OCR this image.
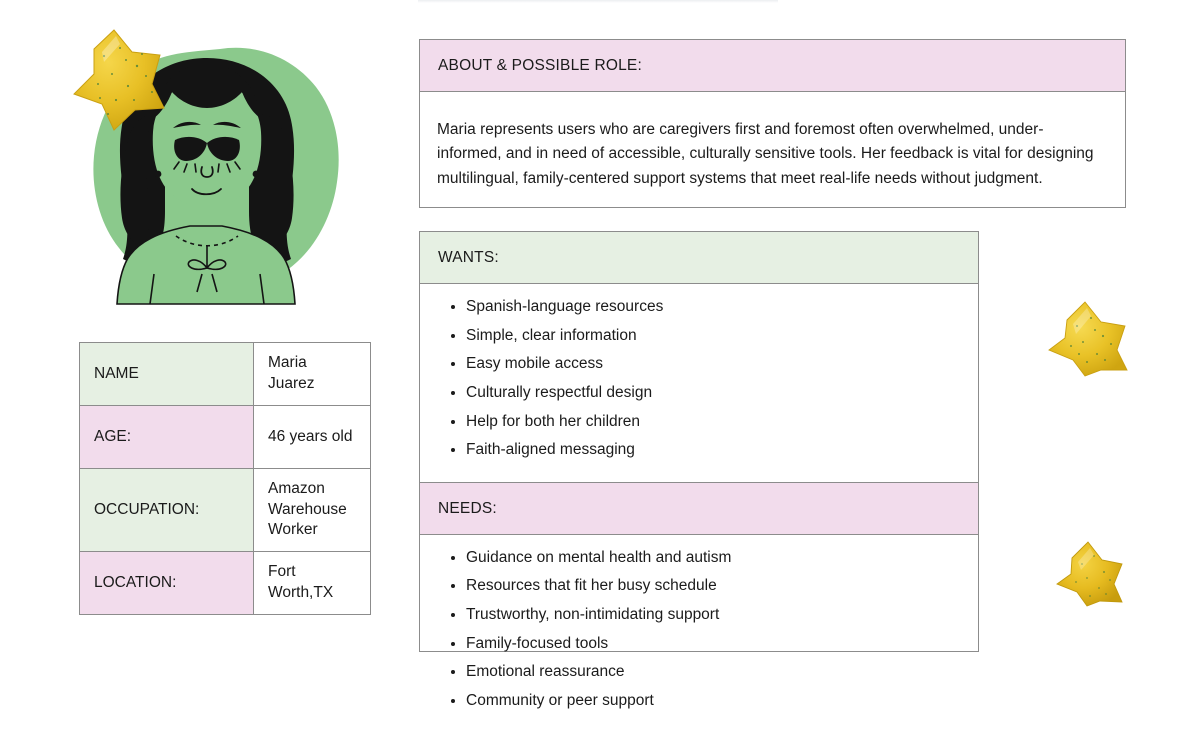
NAME	Maria Juarez
AGE:	46 years old
OCCUPATION:	Amazon Warehouse Worker
LOCATION:	Fort Worth,TX
ABOUT & POSSIBLE ROLE:
Maria represents users who are caregivers first and foremost often overwhelmed, under-informed, and in need of accessible, culturally sensitive tools. Her feedback is vital for designing multilingual, family-centered support systems that meet real-life needs without judgment.
WANTS:
• Spanish-language resources
• Simple, clear information
• Easy mobile access
• Culturally respectful design
• Help for both her children
• Faith-aligned messaging
NEEDS:
• Guidance on mental health and autism
• Resources that fit her busy schedule
• Trustworthy, non-intimidating support
• Family-focused tools
• Emotional reassurance
• Community or peer support
